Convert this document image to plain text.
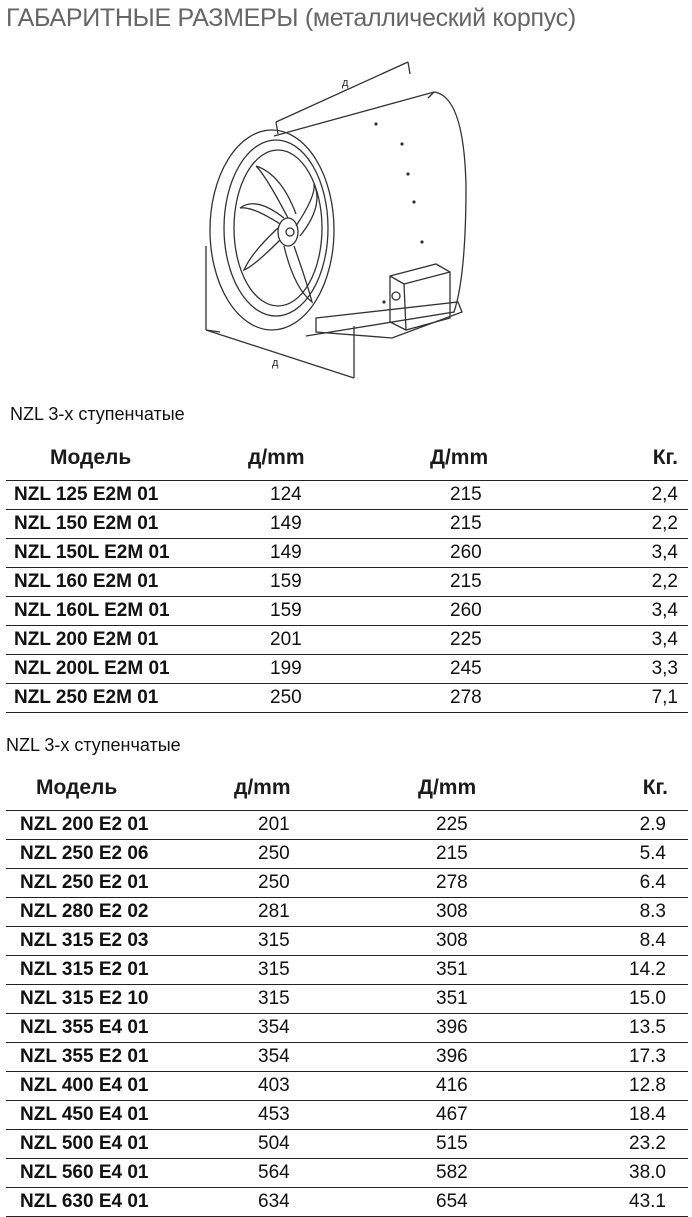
ГАБАРИТНЫЕ РАЗМЕРЫ (металлический корпус)
д
д
NZL 3-х ступенчатые
Модель	д/mm	Д/mm	Кг.
NZL 125 E2M 01	124	215	2,4
NZL 150 E2M 01	149	215	2,2
NZL 150L E2M 01	149	260	3,4
NZL 160 E2M 01	159	215	2,2
NZL 160L E2M 01	159	260	3,4
NZL 200 E2M 01	201	225	3,4
NZL 200L E2M 01	199	245	3,3
NZL 250 E2M 01	250	278	7,1
NZL 3-х ступенчатые
Модель	д/mm	Д/mm	Кг.
NZL 200 E2 01	201	225	2.9
NZL 250 E2 06	250	215	5.4
NZL 250 E2 01	250	278	6.4
NZL 280 E2 02	281	308	8.3
NZL 315 E2 03	315	308	8.4
NZL 315 E2 01	315	351	14.2
NZL 315 E2 10	315	351	15.0
NZL 355 E4 01	354	396	13.5
NZL 355 E2 01	354	396	17.3
NZL 400 E4 01	403	416	12.8
NZL 450 E4 01	453	467	18.4
NZL 500 E4 01	504	515	23.2
NZL 560 E4 01	564	582	38.0
NZL 630 E4 01	634	654	43.1
